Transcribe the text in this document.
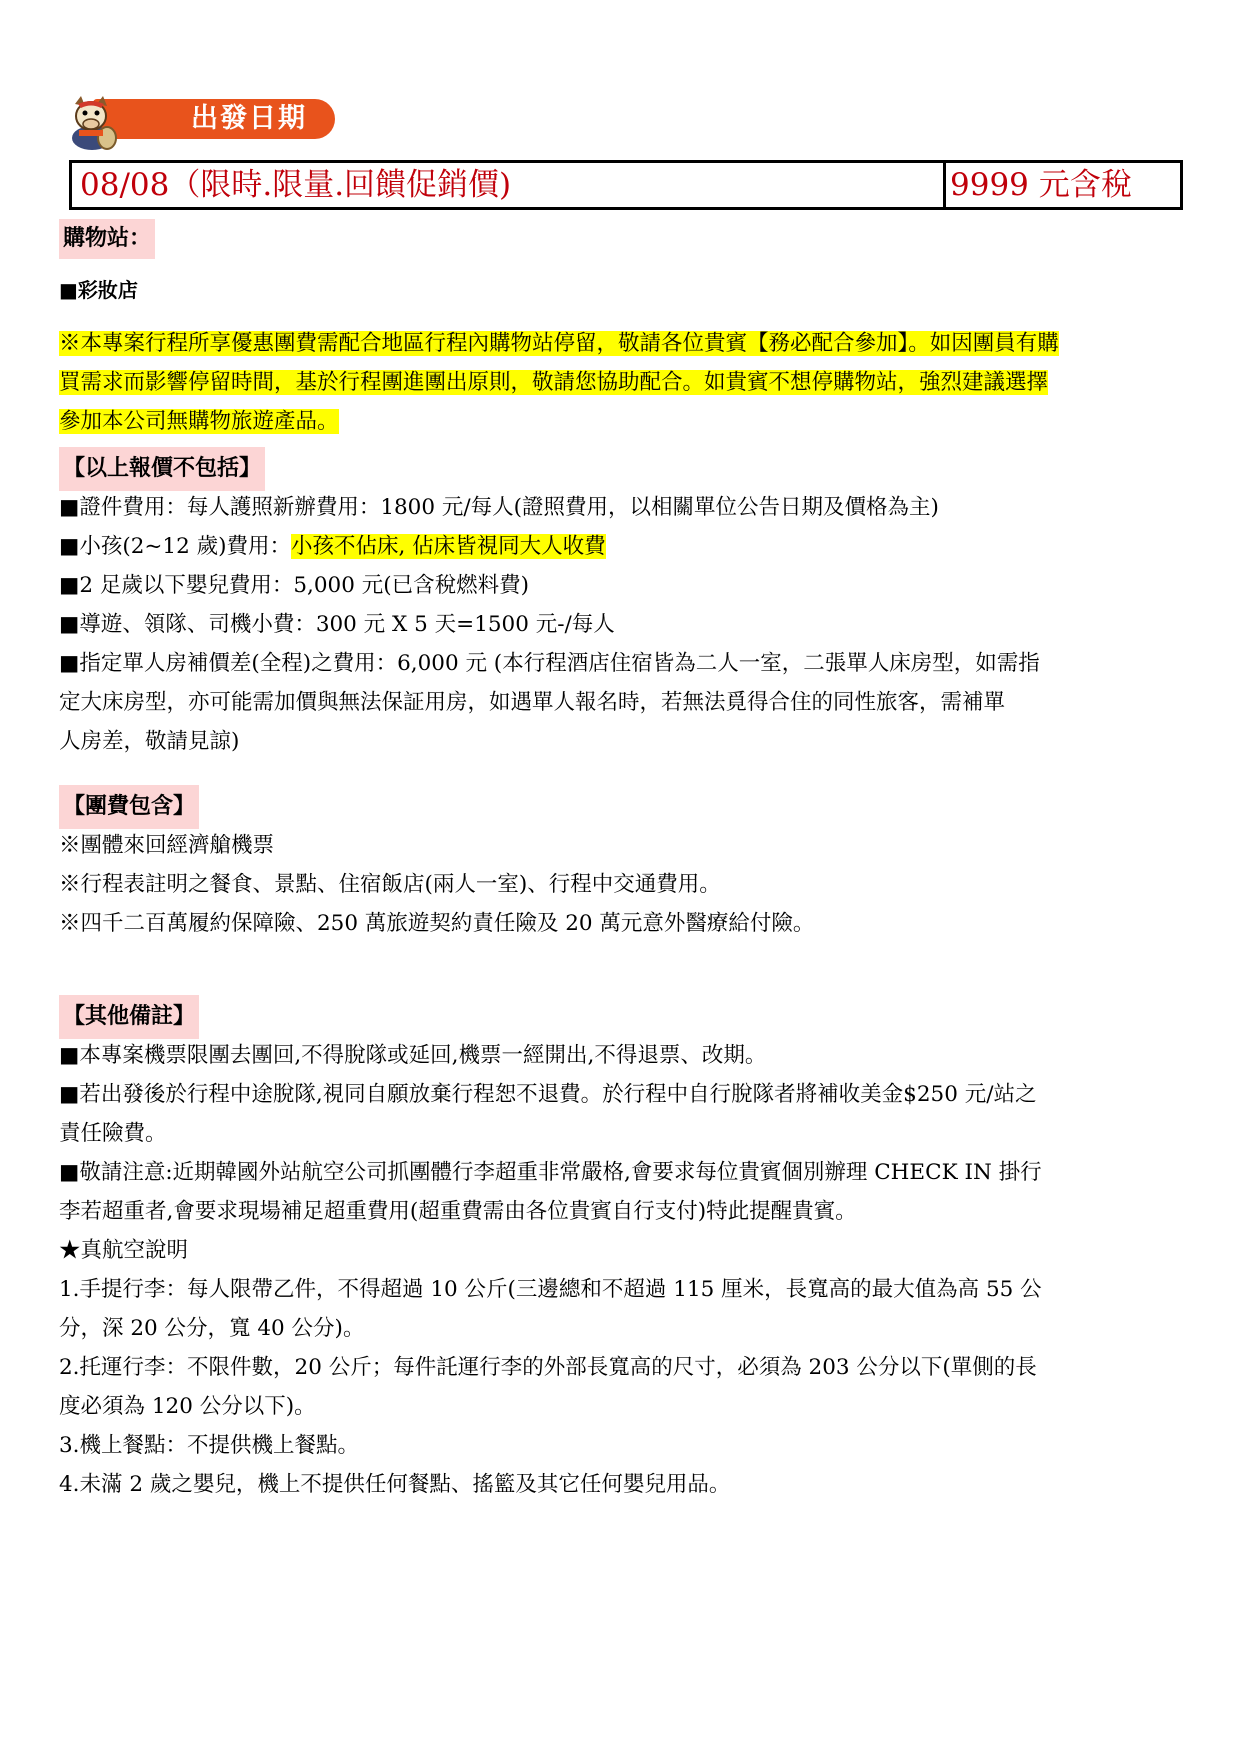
出發日期
08/08（限時.限量.回饋促銷價)	9999 元含稅
購物站：
■彩妝店

※本專案行程所享優惠團費需配合地區行程內購物站停留，敬請各位貴賓【務必配合參加】。如因團員有購

買需求而影響停留時間，基於行程團進團出原則，敬請您協助配合。如貴賓不想停購物站，強烈建議選擇

參加本公司無購物旅遊產品。

【以上報價不包括】

■證件費用：每人護照新辦費用：1800 元/每人(證照費用，以相關單位公告日期及價格為主)

■小孩(2~12 歲)費用：小孩不佔床, 佔床皆視同大人收費

■2 足歲以下嬰兒費用：5,000 元(已含稅燃料費)

■導遊、領隊、司機小費：300 元 X 5 天=1500 元-/每人

■指定單人房補價差(全程)之費用：6,000 元 (本行程酒店住宿皆為二人一室，二張單人床房型，如需指

定大床房型，亦可能需加價與無法保証用房，如遇單人報名時，若無法覓得合住的同性旅客，需補單

人房差，敬請見諒)

【團費包含】

※團體來回經濟艙機票

※行程表註明之餐食、景點、住宿飯店(兩人一室)、行程中交通費用。

※四千二百萬履約保障險、250 萬旅遊契約責任險及 20 萬元意外醫療給付險。

【其他備註】

■本專案機票限團去團回,不得脫隊或延回,機票一經開出,不得退票、改期。

■若出發後於行程中途脫隊,視同自願放棄行程恕不退費。於行程中自行脫隊者將補收美金$250 元/站之

責任險費。

■敬請注意:近期韓國外站航空公司抓團體行李超重非常嚴格,會要求每位貴賓個別辦理 CHECK IN 掛行

李若超重者,會要求現場補足超重費用(超重費需由各位貴賓自行支付)特此提醒貴賓。

★真航空說明

1.手提行李：每人限帶乙件，不得超過 10 公斤(三邊總和不超過 115 厘米，長寬高的最大值為高 55 公

分，深 20 公分，寬 40 公分)。

2.托運行李：不限件數，20 公斤；每件託運行李的外部長寬高的尺寸，必須為 203 公分以下(單側的長

度必須為 120 公分以下)。

3.機上餐點：不提供機上餐點。

4.未滿 2 歲之嬰兒，機上不提供任何餐點、搖籃及其它任何嬰兒用品。
